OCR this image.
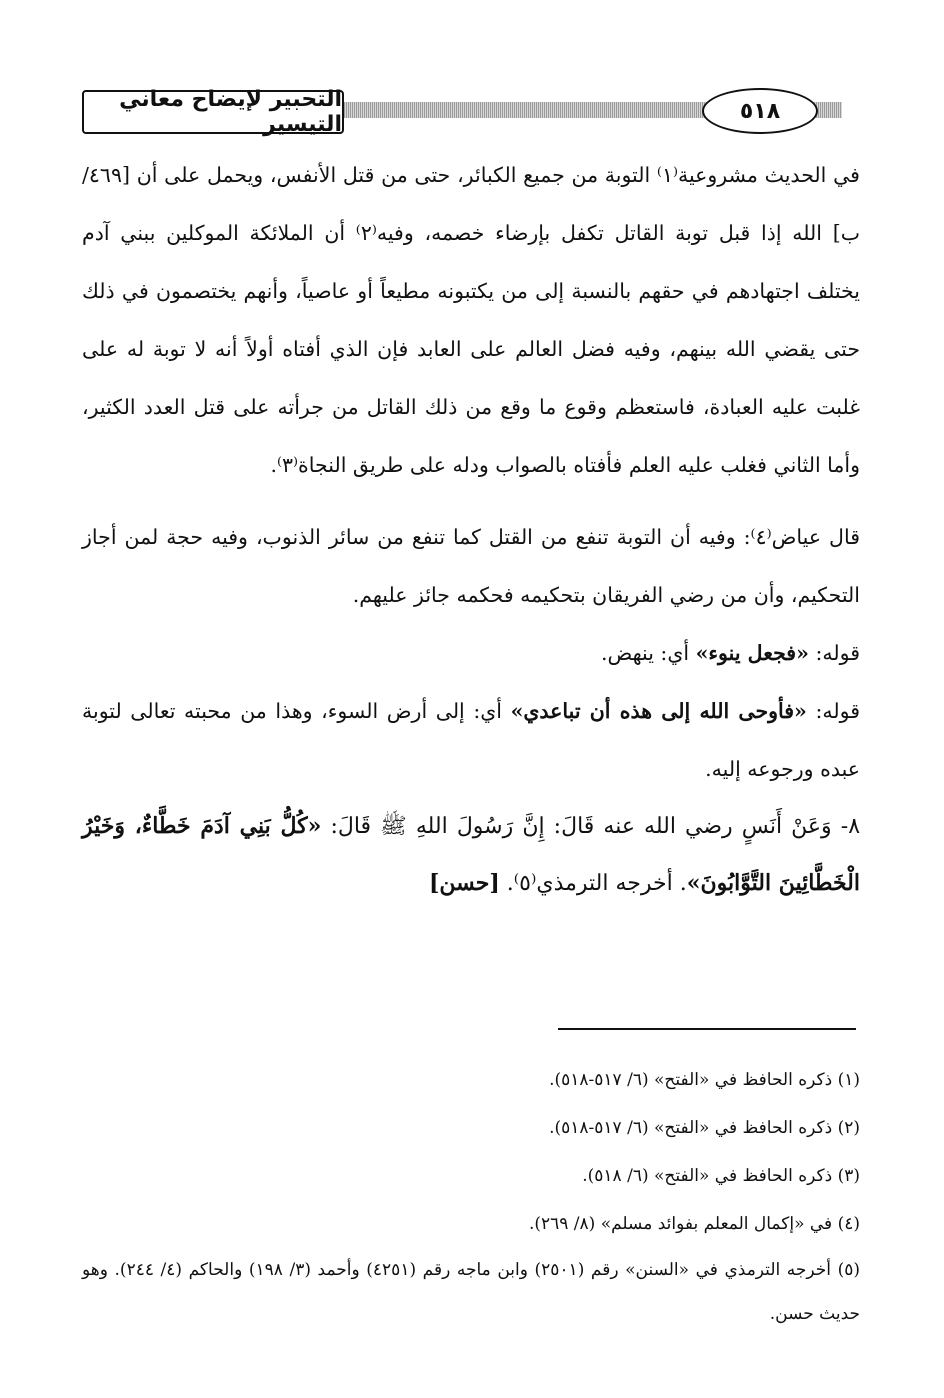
التحبير لإيضاح معاني التيسير
٥١٨

في الحديث مشروعية⁽١⁾ التوبة من جميع الكبائر، حتى من قتل الأنفس، ويحمل على أن [٤٦٩/ ب] الله إذا قبل توبة القاتل تكفل بإرضاء خصمه، وفيه⁽٢⁾ أن الملائكة الموكلين ببني آدم يختلف اجتهادهم في حقهم بالنسبة إلى من يكتبونه مطيعاً أو عاصياً، وأنهم يختصمون في ذلك حتى يقضي الله بينهم، وفيه فضل العالم على العابد فإن الذي أفتاه أولاً أنه لا توبة له على غلبت عليه العبادة، فاستعظم وقوع ما وقع من ذلك القاتل من جرأته على قتل العدد الكثير، وأما الثاني فغلب عليه العلم فأفتاه بالصواب ودله على طريق النجاة⁽٣⁾.

قال عياض⁽٤⁾: وفيه أن التوبة تنفع من القتل كما تنفع من سائر الذنوب، وفيه حجة لمن أجاز التحكيم، وأن من رضي الفريقان بتحكيمه فحكمه جائز عليهم.

قوله: «فجعل ينوء» أي: ينهض.

قوله: «فأوحى الله إلى هذه أن تباعدي» أي: إلى أرض السوء، وهذا من محبته تعالى لتوبة عبده ورجوعه إليه.

٨- وَعَنْ أَنَسٍ رضي الله عنه قَالَ: إِنَّ رَسُولَ اللهِ ﷺ قَالَ: «كُلُّ بَنِي آدَمَ خَطَّاءٌ، وَخَيْرُ الْخَطَّائِينَ التَّوَّابُونَ». أخرجه الترمذي⁽٥⁾. [حسن]

(١) ذكره الحافظ في «الفتح» (٦/ ٥١٧-٥١٨).

(٢) ذكره الحافظ في «الفتح» (٦/ ٥١٧-٥١٨).

(٣) ذكره الحافظ في «الفتح» (٦/ ٥١٨).

(٤) في «إكمال المعلم بفوائد مسلم» (٨/ ٢٦٩).

(٥) أخرجه الترمذي في «السنن» رقم (٢٥٠١) وابن ماجه رقم (٤٢٥١) وأحمد (٣/ ١٩٨) والحاكم (٤/ ٢٤٤). وهو حديث حسن.
